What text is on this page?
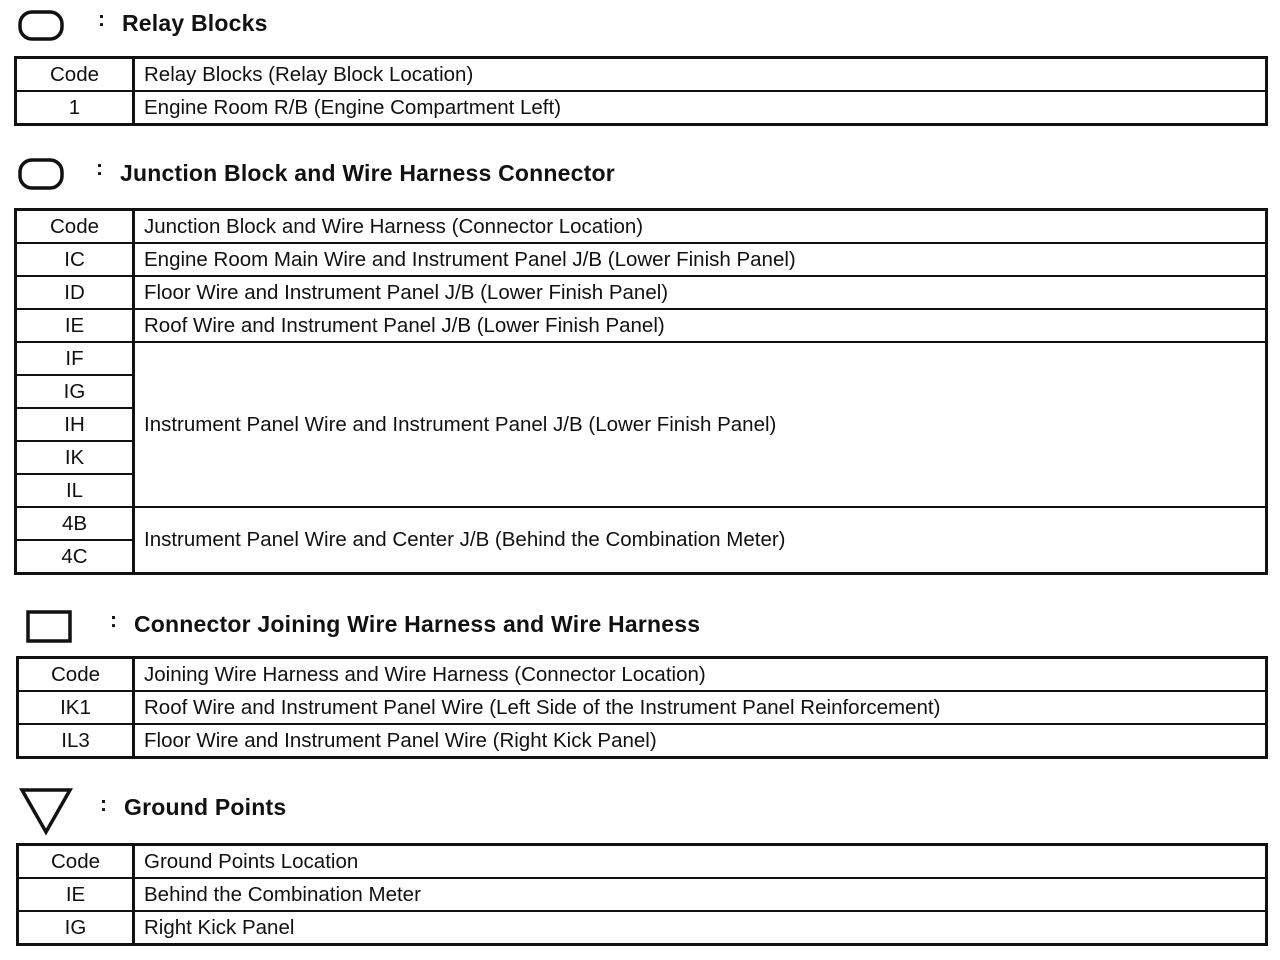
: Relay Blocks
Code	Relay Blocks (Relay Block Location)
1	Engine Room R/B (Engine Compartment Left)
: Junction Block and Wire Harness Connector
Code	Junction Block and Wire Harness (Connector Location)
IC	Engine Room Main Wire and Instrument Panel J/B (Lower Finish Panel)
ID	Floor Wire and Instrument Panel J/B (Lower Finish Panel)
IE	Roof Wire and Instrument Panel J/B (Lower Finish Panel)
IF	Instrument Panel Wire and Instrument Panel J/B (Lower Finish Panel)
IG	
IH	
IK	
IL	
4B	Instrument Panel Wire and Center J/B (Behind the Combination Meter)
4C	
: Connector Joining Wire Harness and Wire Harness
Code	Joining Wire Harness and Wire Harness (Connector Location)
IK1	Roof Wire and Instrument Panel Wire (Left Side of the Instrument Panel Reinforcement)
IL3	Floor Wire and Instrument Panel Wire (Right Kick Panel)
: Ground Points
Code	Ground Points Location
IE	Behind the Combination Meter
IG	Right Kick Panel
